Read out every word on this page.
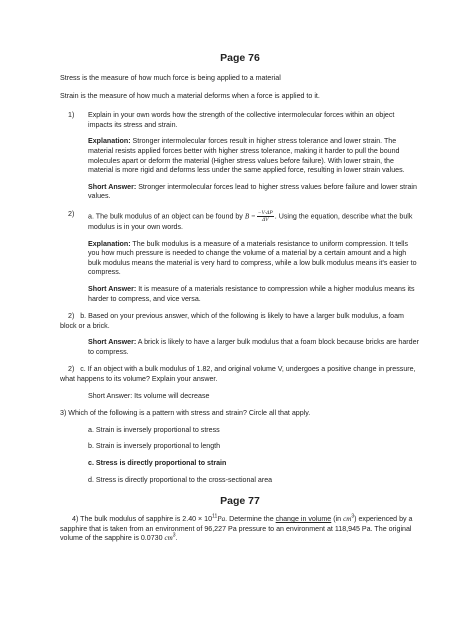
Page 76

Stress is the measure of how much force is being applied to a material

Strain is the measure of how much a material deforms when a force is applied to it.

1) Explain in your own words how the strength of the collective intermolecular forces within an object impacts its stress and strain.

Explanation: Stronger intermolecular forces result in higher stress tolerance and lower strain. The material resists applied forces better with higher stress tolerance, making it harder to pull the bound molecules apart or deform the material (Higher stress values before failure). With lower strain, the material is more rigid and deforms less under the same applied force, resulting in lower strain values.

Short Answer: Stronger intermolecular forces lead to higher stress values before failure and lower strain values.

2) a. The bulk modulus of an object can be found by $B = \frac{-V\cdot\Delta P}{\Delta V}$ . Using the equation, describe what the bulk modulus is in your own words.

Explanation: The bulk modulus is a measure of a materials resistance to uniform compression. It tells you how much pressure is needed to change the volume of a material by a certain amount and a high bulk modulus means the material is very hard to compress, while a low bulk modulus means it's easier to compress.

Short Answer: It is measure of a materials resistance to compression while a higher modulus means its harder to compress, and vice versa.

2) b. Based on your previous answer, which of the following is likely to have a larger bulk modulus, a foam block or a brick.

Short Answer: A brick is likely to have a larger bulk modulus that a foam block because bricks are harder to compress.

2) c. If an object with a bulk modulus of 1.82, and original volume V, undergoes a positive change in pressure, what happens to its volume? Explain your answer.

Short Answer: Its volume will decrease

3) Which of the following is a pattern with stress and strain? Circle all that apply.

a. Strain is inversely proportional to stress

b. Strain is inversely proportional to length

c. Stress is directly proportional to strain

d. Stress is directly proportional to the cross-sectional area

Page 77

4) The bulk modulus of sapphire is $2.40 \times 10^{11}Pa$. Determine the change in volume (in $cm^3$) experienced by a sapphire that is taken from an environment of 96,227 Pa pressure to an environment at 118,945 Pa. The original volume of the sapphire is 0.0730 $cm^3$.
